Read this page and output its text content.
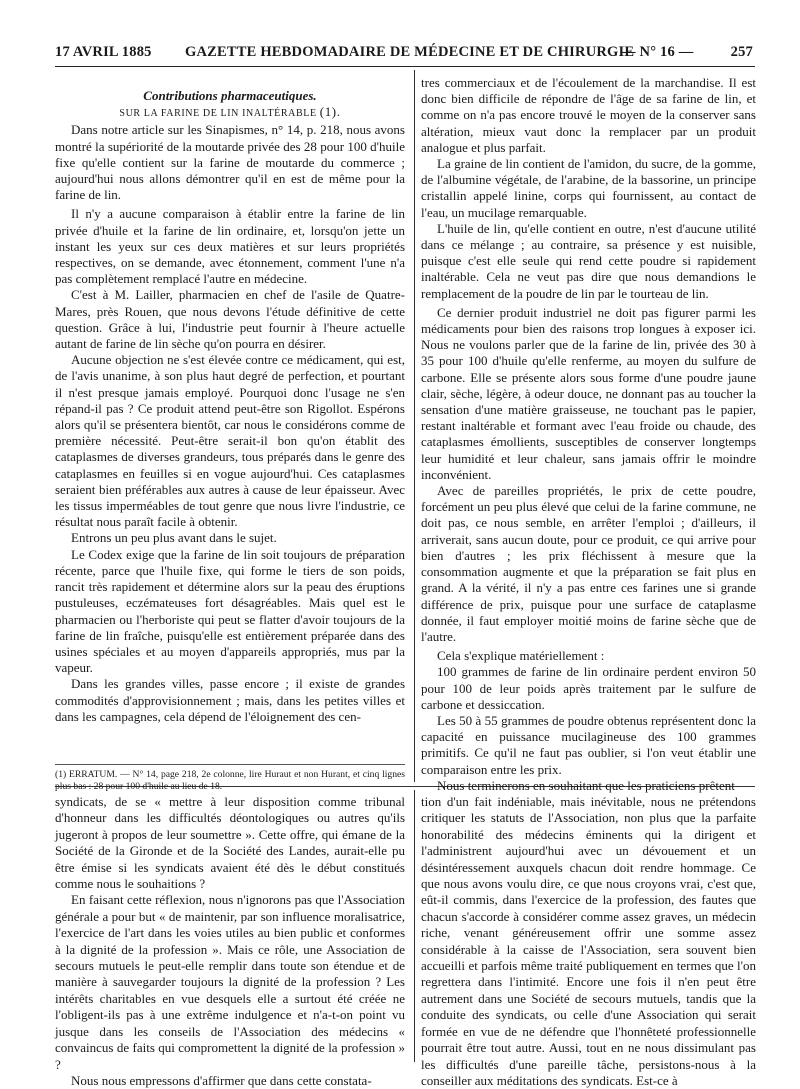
17 AVRIL 1885 GAZETTE HEBDOMADAIRE DE MÉDECINE ET DE CHIRURGIE
— N° 16 —	257

Contributions pharmaceutiques.

SUR LA FARINE DE LIN INALTÉRABLE (1).

Dans notre article sur les Sinapismes, n° 14, p. 218, nous avons montré la supériorité de la moutarde privée des 28 pour 100 d'huile fixe qu'elle contient sur la farine de moutarde du commerce ; aujourd'hui nous allons démontrer qu'il en est de même pour la farine de lin.

Il n'y a aucune comparaison à établir entre la farine de lin privée d'huile et la farine de lin ordinaire, et, lorsqu'on jette un instant les yeux sur ces deux matières et sur leurs propriétés respectives, on se demande, avec étonnement, comment l'une n'a pas complètement remplacé l'autre en médecine.

C'est à M. Lailler, pharmacien en chef de l'asile de Quatre-Mares, près Rouen, que nous devons l'étude définitive de cette question. Grâce à lui, l'industrie peut fournir à l'heure actuelle autant de farine de lin sèche qu'on pourra en désirer.

Aucune objection ne s'est élevée contre ce médicament, qui est, de l'avis unanime, à son plus haut degré de perfection, et pourtant il n'est presque jamais employé. Pourquoi donc l'usage ne s'en répand-il pas ? Ce produit attend peut-être son Rigollot. Espérons alors qu'il se présentera bientôt, car nous le considérons comme de première nécessité. Peut-être serait-il bon qu'on établit des cataplasmes de diverses grandeurs, tous préparés dans le genre des cataplasmes en feuilles si en vogue aujourd'hui. Ces cataplasmes seraient bien préférables aux autres à cause de leur épaisseur. Avec les tissus imperméables de tout genre que nous livre l'industrie, ce résultat nous paraît facile à obtenir.

Entrons un peu plus avant dans le sujet.

Le Codex exige que la farine de lin soit toujours de préparation récente, parce que l'huile fixe, qui forme le tiers de son poids, rancit très rapidement et détermine alors sur la peau des éruptions pustuleuses, eczémateuses fort désagréables. Mais quel est le pharmacien ou l'herboriste qui peut se flatter d'avoir toujours de la farine de lin fraîche, puisqu'elle est entièrement préparée dans des usines spéciales et au moyen d'appareils appropriés, mus par la vapeur.

Dans les grandes villes, passe encore ; il existe de grandes commodités d'approvisionnement ; mais, dans les petites villes et dans les campagnes, cela dépend de l'éloignement des cen-

(1) ERRATUM. — N° 14, page 218, 2e colonne, lire Huraut et non Hurant, et cinq lignes plus bas : 28 pour 100 d'huile au lieu de 18.

tres commerciaux et de l'écoulement de la marchandise. Il est donc bien difficile de répondre de l'âge de sa farine de lin, et comme on n'a pas encore trouvé le moyen de la conserver sans altération, mieux vaut donc la remplacer par un produit analogue et plus parfait.

La graine de lin contient de l'amidon, du sucre, de la gomme, de l'albumine végétale, de l'arabine, de la bassorine, un principe cristallin appelé linine, corps qui fournissent, au contact de l'eau, un mucilage remarquable.

L'huile de lin, qu'elle contient en outre, n'est d'aucune utilité dans ce mélange ; au contraire, sa présence y est nuisible, puisque c'est elle seule qui rend cette poudre si rapidement inaltérable. Cela ne veut pas dire que nous demandions le remplacement de la poudre de lin par le tourteau de lin.

Ce dernier produit industriel ne doit pas figurer parmi les médicaments pour bien des raisons trop longues à exposer ici. Nous ne voulons parler que de la farine de lin, privée des 30 à 35 pour 100 d'huile qu'elle renferme, au moyen du sulfure de carbone. Elle se présente alors sous forme d'une poudre jaune clair, sèche, légère, à odeur douce, ne donnant pas au toucher la sensation d'une matière graisseuse, ne touchant pas le papier, restant inaltérable et formant avec l'eau froide ou chaude, des cataplasmes émollients, susceptibles de conserver longtemps leur humidité et leur chaleur, sans jamais offrir le moindre inconvénient.

Avec de pareilles propriétés, le prix de cette poudre, forcément un peu plus élevé que celui de la farine commune, ne doit pas, ce nous semble, en arrêter l'emploi ; d'ailleurs, il arriverait, sans aucun doute, pour ce produit, ce qui arrive pour bien d'autres ; les prix fléchissent à mesure que la consommation augmente et que la préparation se fait plus en grand. A la vérité, il n'y a pas entre ces farines une si grande différence de prix, puisque pour une surface de cataplasme donnée, il faut employer moitié moins de farine sèche que de l'autre.

Cela s'explique matériellement :

100 grammes de farine de lin ordinaire perdent environ 50 pour 100 de leur poids après traitement par le sulfure de carbone et dessiccation.

Les 50 à 55 grammes de poudre obtenus représentent donc la capacité en puissance mucilagineuse des 100 grammes primitifs. Ce qu'il ne faut pas oublier, si l'on veut établir une comparaison entre les prix.

Nous terminerons en souhaitant que les praticiens prêtent

syndicats, de se « mettre à leur disposition comme tribunal d'honneur dans les difficultés déontologiques ou autres qu'ils jugeront à propos de leur soumettre ». Cette offre, qui émane de la Société de la Gironde et de la Société des Landes, aurait-elle pu être émise si les syndicats avaient été dès le début constitués comme nous le souhaitions ?

En faisant cette réflexion, nous n'ignorons pas que l'Association générale a pour but « de maintenir, par son influence moralisatrice, l'exercice de l'art dans les voies utiles au bien public et conformes à la dignité de la profession ». Mais ce rôle, une Association de secours mutuels le peut-elle remplir dans toute son étendue et de manière à sauvegarder toujours la dignité de la profession ? Les intérêts charitables en vue desquels elle a surtout été créée ne l'obligent-ils pas à une extrême indulgence et n'a-t-on point vu jusque dans les conseils de l'Association des médecins « convaincus de faits qui compromettent la dignité de la profession » ?

Nous nous empressons d'affirmer que dans cette constata-

tion d'un fait indéniable, mais inévitable, nous ne prétendons critiquer les statuts de l'Association, non plus que la parfaite honorabilité des médecins éminents qui la dirigent et l'administrent aujourd'hui avec un dévouement et un désintéressement auxquels chacun doit rendre hommage. Ce que nous avons voulu dire, ce que nous croyons vrai, c'est que, eût-il commis, dans l'exercice de la profession, des fautes que chacun s'accorde à considérer comme assez graves, un médecin riche, venant généreusement offrir une somme assez considérable à la caisse de l'Association, sera souvent bien accueilli et parfois même traité publiquement en termes que l'on regrettera dans l'intimité. Encore une fois il n'en peut être autrement dans une Société de secours mutuels, tandis que la conduite des syndicats, ou celle d'une Association qui serait formée en vue de ne défendre que l'honnêteté professionnelle pourrait être tout autre. Aussi, tout en ne nous dissimulant pas les difficultés d'une pareille tâche, persistons-nous à la conseiller aux méditations des syndicats. Est-ce à
